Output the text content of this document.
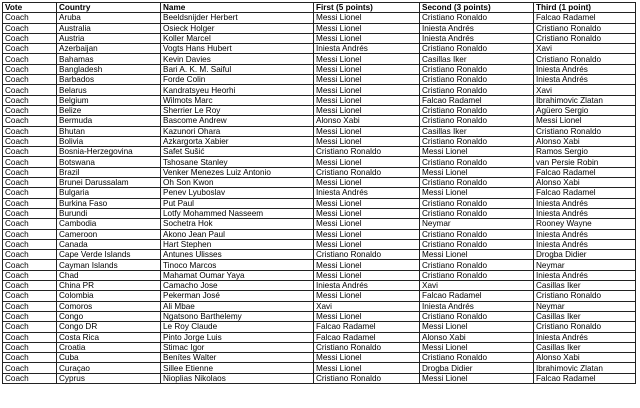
Vote	Country	Name	First (5 points)	Second (3 points)	Third (1 point)
Coach	Aruba	Beeldsnijder Herbert	Messi Lionel	Cristiano Ronaldo	Falcao Radamel
Coach	Australia	Osieck Holger	Messi Lionel	Iniesta Andrés	Cristiano Ronaldo
Coach	Austria	Koller Marcel	Messi Lionel	Iniesta Andrés	Cristiano Ronaldo
Coach	Azerbaijan	Vogts Hans Hubert	Iniesta Andrés	Cristiano Ronaldo	Xavi
Coach	Bahamas	Kevin Davies	Messi Lionel	Casillas Iker	Cristiano Ronaldo
Coach	Bangladesh	Bari A. K. M. Saiful	Messi Lionel	Cristiano Ronaldo	Iniesta Andrés
Coach	Barbados	Forde Colin	Messi Lionel	Cristiano Ronaldo	Iniesta Andrés
Coach	Belarus	Kandratsyeu Heorhi	Messi Lionel	Cristiano Ronaldo	Xavi
Coach	Belgium	Wilmots Marc	Messi Lionel	Falcao Radamel	Ibrahimovic Zlatan
Coach	Belize	Sherrier Le Roy	Messi Lionel	Cristiano Ronaldo	Agüero Sergio
Coach	Bermuda	Bascome Andrew	Alonso Xabi	Cristiano Ronaldo	Messi Lionel
Coach	Bhutan	Kazunori Ohara	Messi Lionel	Casillas Iker	Cristiano Ronaldo
Coach	Bolivia	Azkargorta Xabier	Messi Lionel	Cristiano Ronaldo	Alonso Xabi
Coach	Bosnia-Herzegovina	Safet Sušić	Cristiano Ronaldo	Messi Lionel	Ramos Sergio
Coach	Botswana	Tshosane Stanley	Messi Lionel	Cristiano Ronaldo	van Persie Robin
Coach	Brazil	Venker Menezes Luiz Antonio	Cristiano Ronaldo	Messi Lionel	Falcao Radamel
Coach	Brunei Darussalam	Oh Son Kwon	Messi Lionel	Cristiano Ronaldo	Alonso Xabi
Coach	Bulgaria	Penev Lyuboslav	Iniesta Andrés	Messi Lionel	Falcao Radamel
Coach	Burkina Faso	Put Paul	Messi Lionel	Cristiano Ronaldo	Iniesta Andrés
Coach	Burundi	Lotfy Mohammed Nasseem	Messi Lionel	Cristiano Ronaldo	Iniesta Andrés
Coach	Cambodia	Sochetra Hok	Messi Lionel	Neymar	Rooney Wayne
Coach	Cameroon	Akono Jean Paul	Messi Lionel	Cristiano Ronaldo	Iniesta Andrés
Coach	Canada	Hart Stephen	Messi Lionel	Cristiano Ronaldo	Iniesta Andrés
Coach	Cape Verde Islands	Antunes Ulisses	Cristiano Ronaldo	Messi Lionel	Drogba Didier
Coach	Cayman Islands	Tinoco Marcos	Messi Lionel	Cristiano Ronaldo	Neymar
Coach	Chad	Mahamat Oumar Yaya	Messi Lionel	Cristiano Ronaldo	Iniesta Andrés
Coach	China PR	Camacho Jose	Iniesta Andrés	Xavi	Casillas Iker
Coach	Colombia	Pekerman José	Messi Lionel	Falcao Radamel	Cristiano Ronaldo
Coach	Comoros	Ali Mbae	Xavi	Iniesta Andrés	Neymar
Coach	Congo	Ngatsono Barthelemy	Messi Lionel	Cristiano Ronaldo	Casillas Iker
Coach	Congo DR	Le Roy Claude	Falcao Radamel	Messi Lionel	Cristiano Ronaldo
Coach	Costa Rica	Pinto Jorge Luis	Falcao Radamel	Alonso Xabi	Iniesta Andrés
Coach	Croatia	Stimac Igor	Cristiano Ronaldo	Messi Lionel	Casillas Iker
Coach	Cuba	Benítes Walter	Messi Lionel	Cristiano Ronaldo	Alonso Xabi
Coach	Curaçao	Sillee Etienne	Messi Lionel	Drogba Didier	Ibrahimovic Zlatan
Coach	Cyprus	Nioplias Nikolaos	Cristiano Ronaldo	Messi Lionel	Falcao Radamel
